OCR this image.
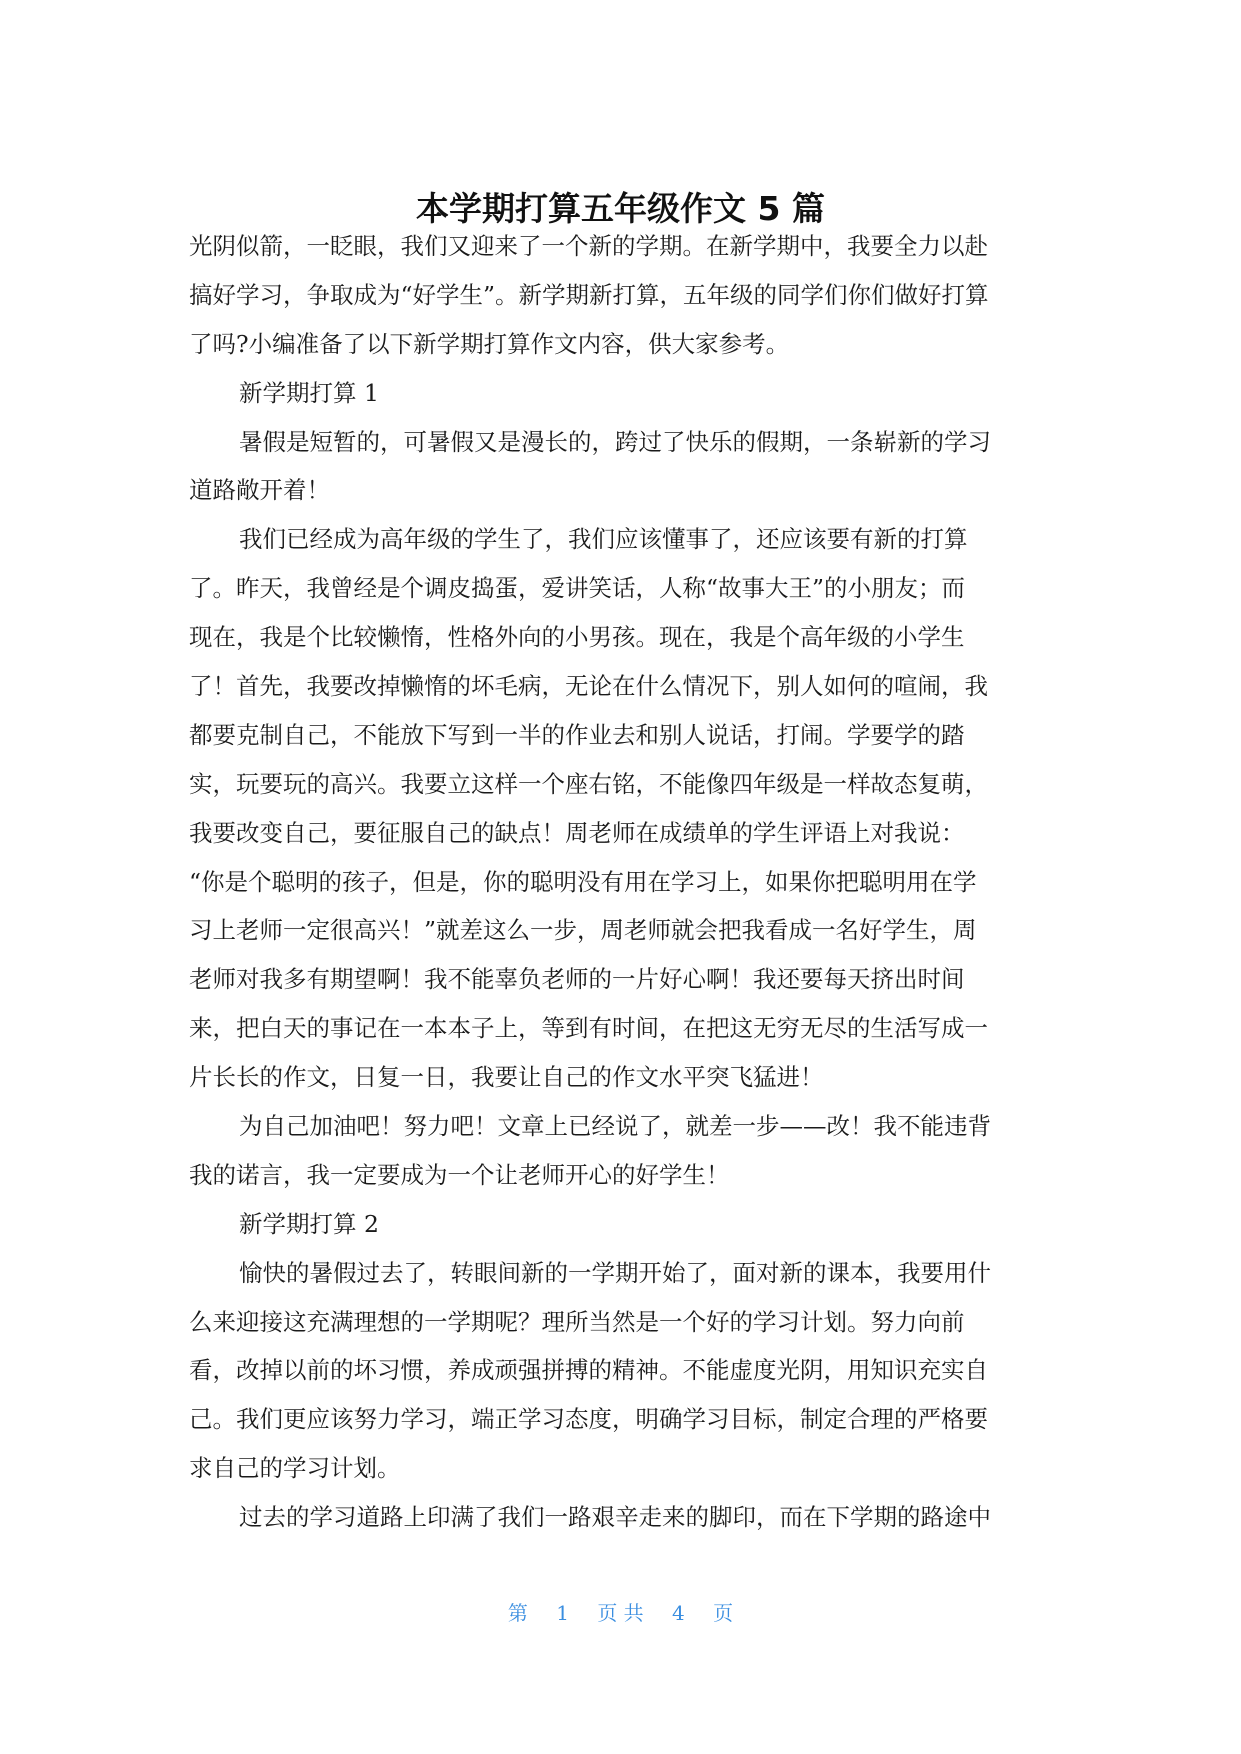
本学期打算五年级作文 5 篇
光阴似箭，一眨眼，我们又迎来了一个新的学期。在新学期中，我要全力以赴
搞好学习，争取成为“好学生”。新学期新打算，五年级的同学们你们做好打算
了吗?小编准备了以下新学期打算作文内容，供大家参考。
新学期打算 1
暑假是短暂的，可暑假又是漫长的，跨过了快乐的假期，一条崭新的学习
道路敞开着！
我们已经成为高年级的学生了，我们应该懂事了，还应该要有新的打算
了。昨天，我曾经是个调皮捣蛋，爱讲笑话，人称“故事大王”的小朋友；而
现在，我是个比较懒惰，性格外向的小男孩。现在，我是个高年级的小学生
了！首先，我要改掉懒惰的坏毛病，无论在什么情况下，别人如何的喧闹，我
都要克制自己，不能放下写到一半的作业去和别人说话，打闹。学要学的踏
实，玩要玩的高兴。我要立这样一个座右铭，不能像四年级是一样故态复萌，
我要改变自己，要征服自己的缺点！周老师在成绩单的学生评语上对我说：
“你是个聪明的孩子，但是，你的聪明没有用在学习上，如果你把聪明用在学
习上老师一定很高兴！”就差这么一步，周老师就会把我看成一名好学生，周
老师对我多有期望啊！我不能辜负老师的一片好心啊！我还要每天挤出时间
来，把白天的事记在一本本子上，等到有时间，在把这无穷无尽的生活写成一
片长长的作文，日复一日，我要让自己的作文水平突飞猛进！
为自己加油吧！努力吧！文章上已经说了，就差一步——改！我不能违背
我的诺言，我一定要成为一个让老师开心的好学生！
新学期打算 2
愉快的暑假过去了，转眼间新的一学期开始了，面对新的课本，我要用什
么来迎接这充满理想的一学期呢？理所当然是一个好的学习计划。努力向前
看，改掉以前的坏习惯，养成顽强拼搏的精神。不能虚度光阴，用知识充实自
己。我们更应该努力学习，端正学习态度，明确学习目标，制定合理的严格要
求自己的学习计划。
过去的学习道路上印满了我们一路艰辛走来的脚印，而在下学期的路途中
第 1 页 共 4 页
